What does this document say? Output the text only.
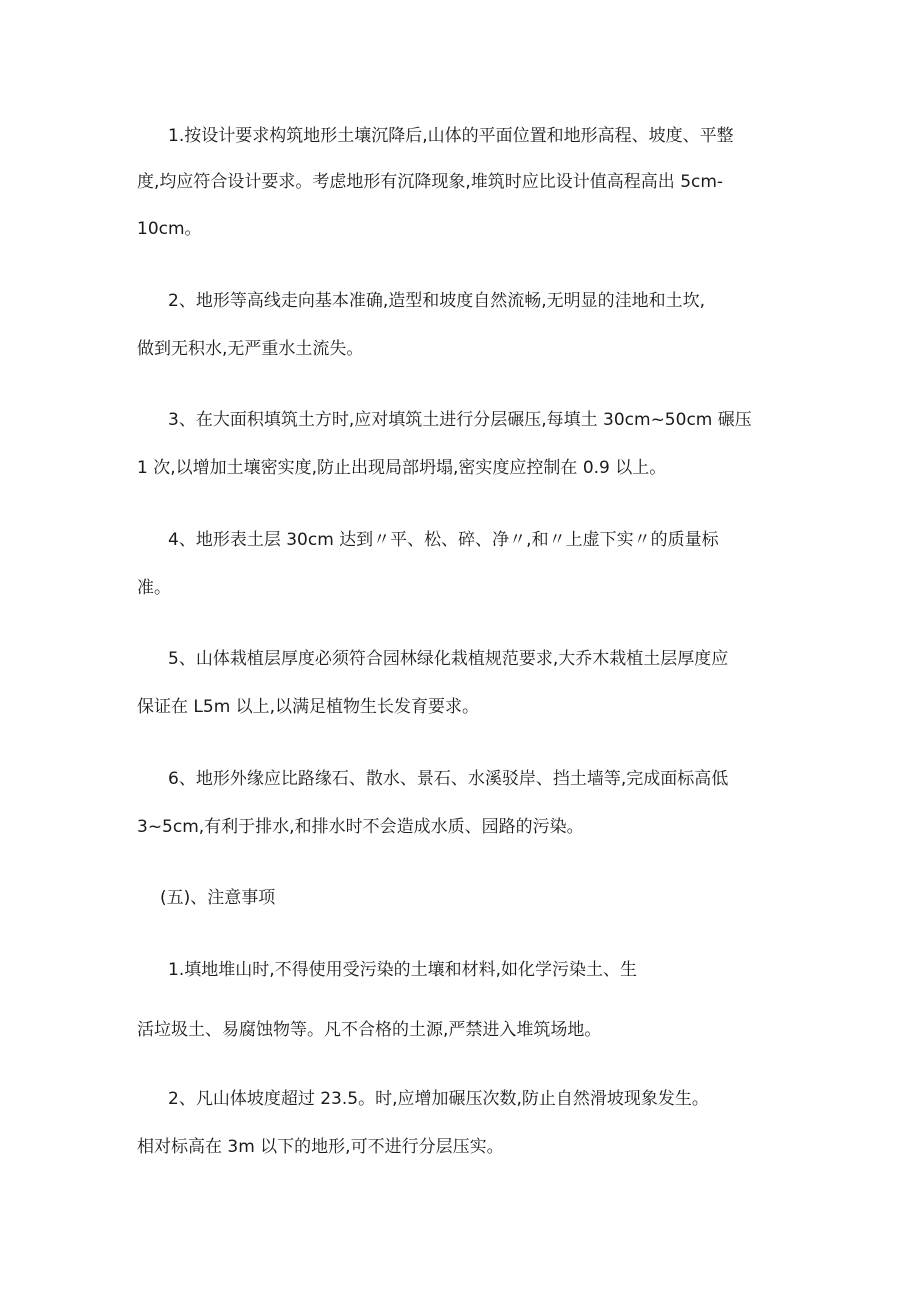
1.按设计要求构筑地形土壤沉降后,山体的平面位置和地形高程、坡度、平整

度,均应符合设计要求。考虑地形有沉降现象,堆筑时应比设计值高程高出 5cm-

10cm。

2、地形等高线走向基本准确,造型和坡度自然流畅,无明显的洼地和土坎,

做到无积水,无严重水土流失。

3、在大面积填筑土方时,应对填筑土进行分层碾压,每填土 30cm~50cm 碾压

1 次,以增加土壤密实度,防止出现局部坍塌,密实度应控制在 0.9 以上。

4、地形表土层 30cm 达到〃平、松、碎、净〃,和〃上虚下实〃的质量标

准。

5、山体栽植层厚度必须符合园林绿化栽植规范要求,大乔木栽植土层厚度应

保证在 L5m 以上,以满足植物生长发育要求。

6、地形外缘应比路缘石、散水、景石、水溪驳岸、挡土墙等,完成面标高低

3~5cm,有利于排水,和排水时不会造成水质、园路的污染。

(五)、注意事项

1.填地堆山时,不得使用受污染的土壤和材料,如化学污染土、生

活垃圾土、易腐蚀物等。凡不合格的土源,严禁进入堆筑场地。

2、凡山体坡度超过 23.5。时,应增加碾压次数,防止自然滑坡现象发生。

相对标高在 3m 以下的地形,可不进行分层压实。
